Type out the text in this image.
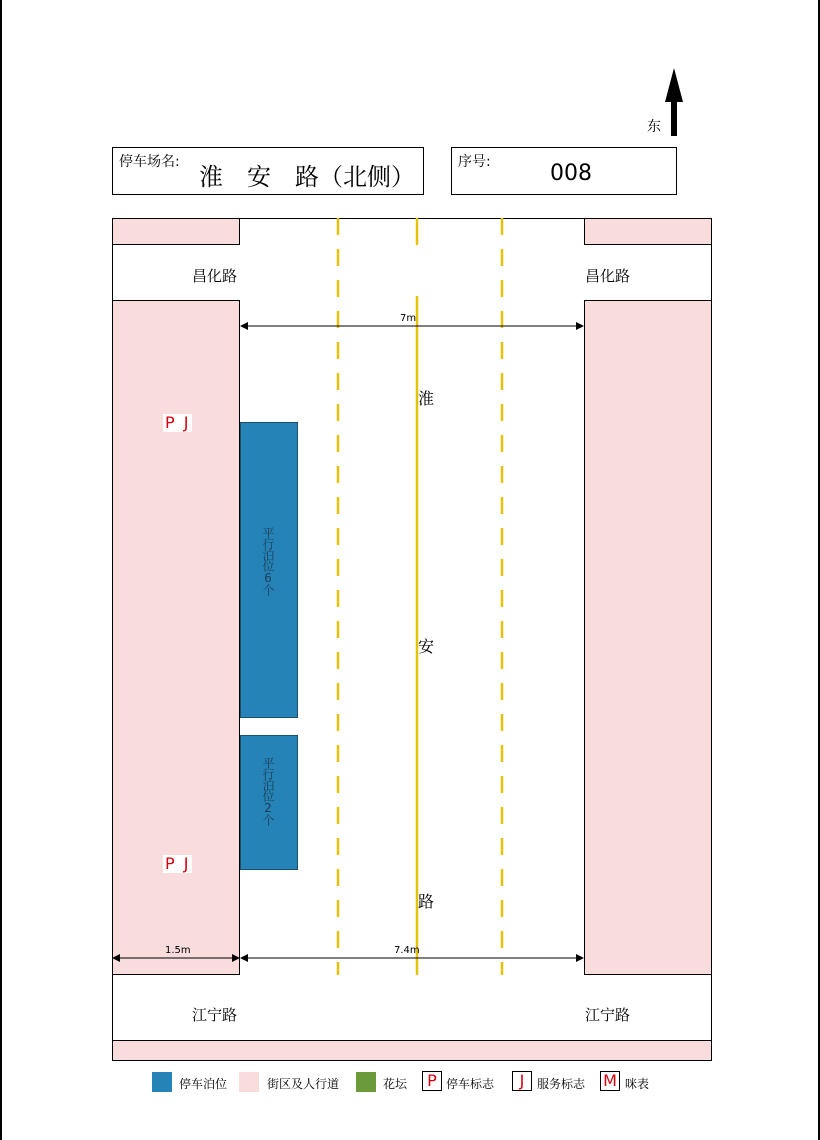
东
停车场名:
淮　安　路（北侧）
序号:	008
昌化路	昌化路
江宁路	江宁路
淮
安
路
7m
7.4m
1.5m
平行泊位6个
平行泊位2个
P J
P J
停车泊位	街区及人行道	花坛	P 停车标志	J	服务标志 M 咪表
